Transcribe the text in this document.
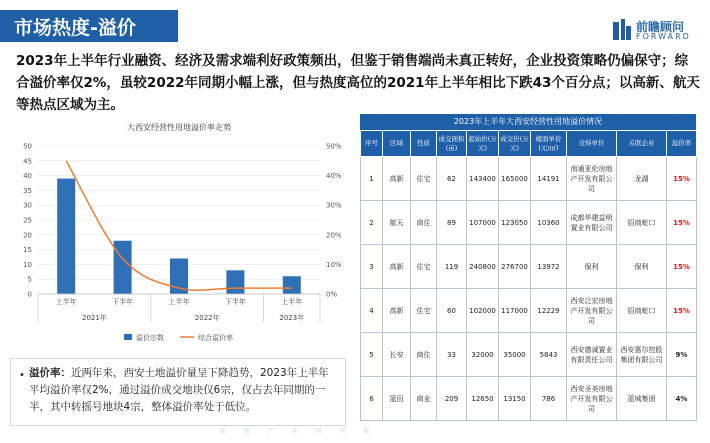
市场热度-溢价	前瞻顾问
FORWARD
2023年上半年行业融资、经济及需求端利好政策频出，但鉴于销售端尚未真正转好，企业投资策略仍偏保守；综合溢价率仅2%，虽较2022年同期小幅上涨，但与热度高位的2021年上半年相比下跌43个百分点；以高新、航天等热点区域为主。
大西安经营性用地溢价率走势
0
5
10
15
20
25
30
35
40
45
50
0%
10%
20%
30%
40%
50%
上半年	下半年	上半年	下半年	上半年
2021年	2022年	2023年
溢价宗数	综合溢价率
• 溢价率：近两年来，西安土地溢价量呈下降趋势，2023年上半年平均溢价率仅2%，通过溢价成交地块仅6宗，仅占去年同期的一半，其中转摇号地块4宗，整体溢价率处于低位。
2023年上半年大西安经营性用地溢价情况
序号	区域	性质	成交面积(亩)	起始价(万元)	成交价(万元)	楼面单价(元/㎡)	竞得单位	关联企业	溢价率
1	高新	住宅	62	143400	165000	14191	南通亚伦房地产开发有限公司	龙湖	15%
2	航天	商住	89	107000	123050	10360	成都华建益明置业有限公司	招商蛇口	15%
3	高新	住宅	119	240800	276700	13972	保利	保利	15%
4	高新	住宅	60	102000	117000	12229	西安泛宏房地产开发有限公司	招商蛇口	15%
5	长安	商住	33	32000	35000	5843	西安德诚置业有限责任公司	西安惠尔控股集团有限公司	9%
6	蓝田	商业	209	12650	13150	786	西安圣美房地产开发有限公司	蓝城集团	4%
前 瞻 产 业 研 究 院
